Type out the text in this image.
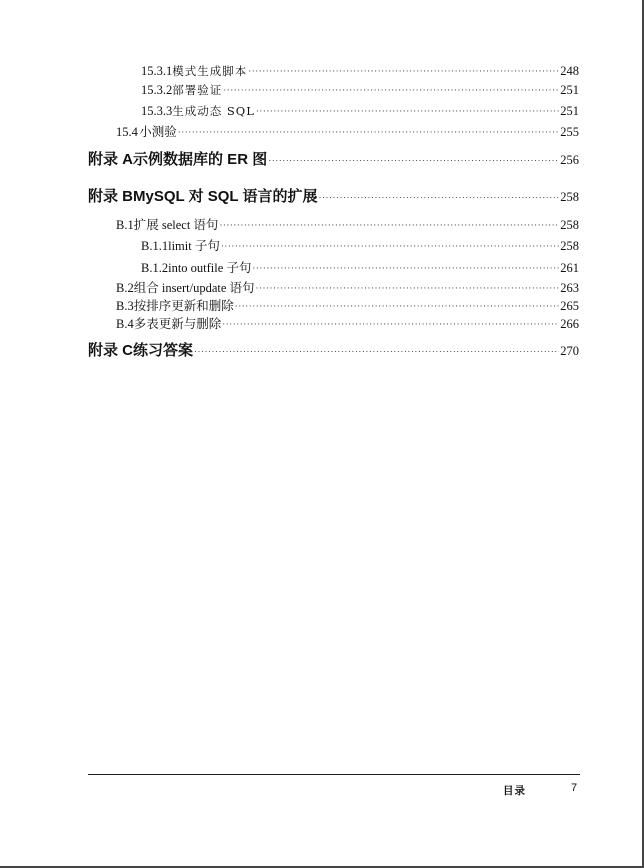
15.3.1 模式生成脚本 ·····	248
15.3.2 部署验证 ·····	251
15.3.3 生成动态 SQL ·····	251
15.4 小测验 ·····	255
附录 A 示例数据库的 ER 图 ·····	256
附录 B MySQL 对 SQL 语言的扩展 ·····	258
B.1 扩展 select 语句 ·····	258
B.1.1 limit 子句 ·····	258
B.1.2 into outfile 子句 ·····	261
B.2 组合 insert/update 语句 ·····	263
B.3 按排序更新和删除 ·····	265
B.4 多表更新与删除 ·····	266
附录 C 练习答案 ·····	270
目录	7
